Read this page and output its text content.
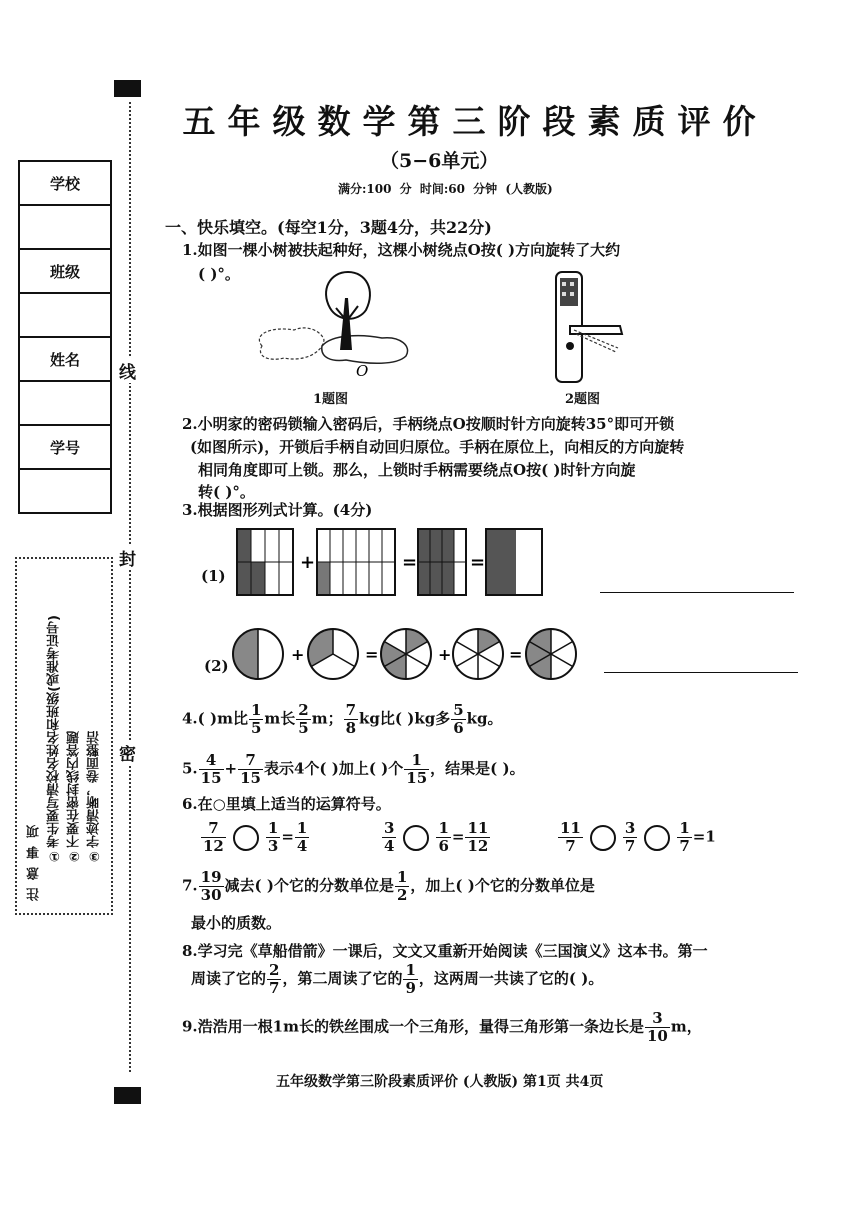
线
封
密
学校

班级

姓名

学号

注意事项 ①考生要写清校名姓名和班级(或准考证号) ②不要在密封线内答题 ③字迹清晰，卷面整洁
五年级数学第三阶段素质评价
（5−6单元）
满分:100 分 时间:60 分钟 (人教版)
一、快乐填空。(每空1分，3题4分，共22分)
1.如图一棵小树被扶起种好，这棵小树绕点O按( )方向旋转了大约
( )°。
O
1题图	2题图
2.小明家的密码锁输入密码后，手柄绕点O按顺时针方向旋转35°即可开锁
(如图所示)，开锁后手柄自动回归原位。手柄在原位上，向相反的方向旋转
相同角度即可上锁。那么，上锁时手柄需要绕点O按( )时针方向旋
转( )°。
3.根据图形列式计算。(4分)
(1)
(2)
+	=	=
+	=	+	=
4.( )m比 $\frac{1}{5}$ m长 $\frac{2}{5}$ m； $\frac{7}{8}$ kg比( )kg多 $\frac{5}{6}$ kg。
5. $\frac{4}{15} + \frac{7}{15}$ 表示4个( )加上( )个 $\frac{1}{15}$ ，结果是( )。
6.在○里填上适当的运算符号。
$\frac{7}{12}$	$\frac{1}{3} = \frac{1}{4}$	$\frac{3}{4}$	$\frac{1}{6} = \frac{11}{12}$	$\frac{11}{7}$	$\frac{3}{7}$	$\frac{1}{7} =1$
7. $\frac{19}{30}$ 减去( )个它的分数单位是 $\frac{1}{2}$ ，加上( )个它的分数单位是
最小的质数。
8.学习完《草船借箭》一课后，文文又重新开始阅读《三国演义》这本书。第一
周读了它的 $\frac{2}{7}$ ，第二周读了它的 $\frac{1}{9}$ ，这两周一共读了它的( )。
9.浩浩用一根1m长的铁丝围成一个三角形，量得三角形第一条边长是 $\frac{3}{10}$ m，
五年级数学第三阶段素质评价 (人教版) 第1页 共4页
